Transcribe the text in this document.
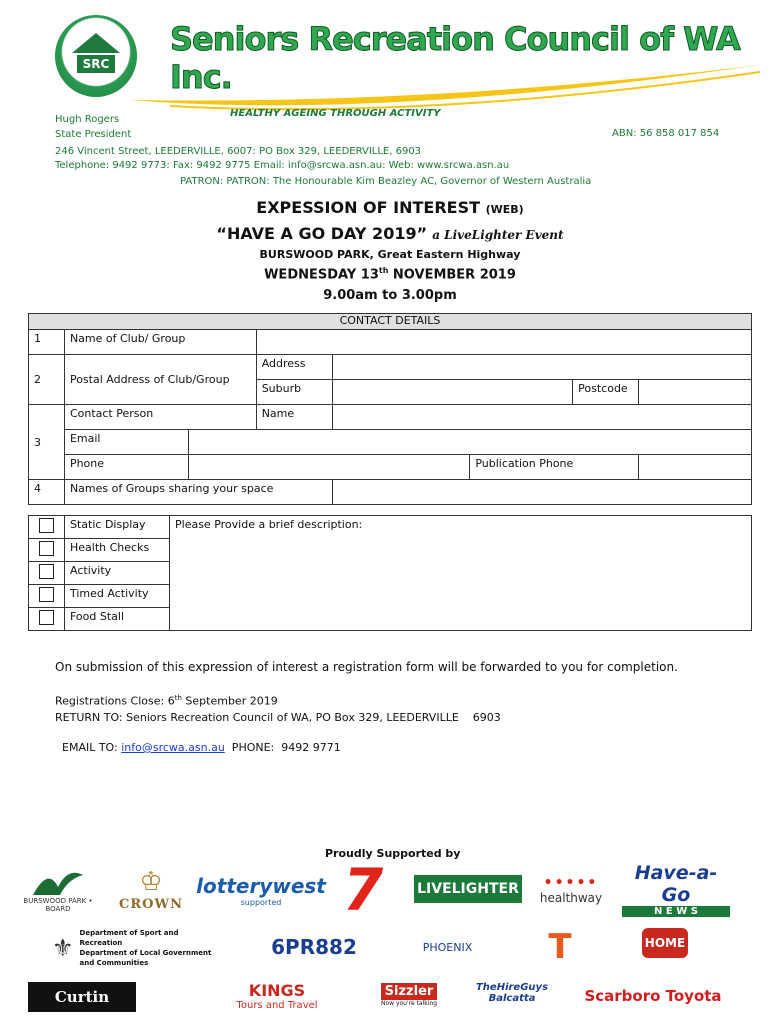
SRC
Seniors Recreation Council of WA Inc.
HEALTHY AGEING THROUGH ACTIVITY
Hugh Rogers
State President	ABN: 56 858 017 854
246 Vincent Street, LEEDERVILLE, 6007: PO Box 329, LEEDERVILLE, 6903
Telephone: 9492 9773: Fax: 9492 9775 Email: info@srcwa.asn.au: Web: www.srcwa.asn.au
PATRON: PATRON: The Honourable Kim Beazley AC, Governor of Western Australia
EXPESSION OF INTEREST (WEB)
“HAVE A GO DAY 2019” a LiveLighter Event
BURSWOOD PARK, Great Eastern Highway
WEDNESDAY 13th NOVEMBER 2019
9.00am to 3.00pm
CONTACT DETAILS							
1	Name of Club/ Group						
2	Postal Address of Club/Group		Address				
			Suburb			Postcode	
3	Contact Person		Name				
	Email						
	Phone				Publication Phone		
4	Names of Groups sharing your space						
	Static Display	Please Provide a brief description:
	Health Checks	
	Activity	
	Timed Activity	
	Food Stall	
On submission of this expression of interest a registration form will be forwarded to you for completion.
Registrations Close: 6th September 2019
RETURN TO: Seniors Recreation Council of WA, PO Box 329, LEEDERVILLE    6903

EMAIL TO: info@srcwa.asn.au  PHONE:  9492 9771

Proudly Supported by
BURSWOOD PARK • BOARD
♔
CROWN
lotterywest
supported 7	LIVELIGHTER •••••
healthway
Have-a-Go
N E W S
⚜
Department of Sport and Recreation
Department of Local Government and Communities
6PR882	PHOENIX	T	HOME
Curtin	KINGS
Tours and Travel
Sizzler
Now you're talking
TheHireGuys
Balcatta	Scarboro Toyota
